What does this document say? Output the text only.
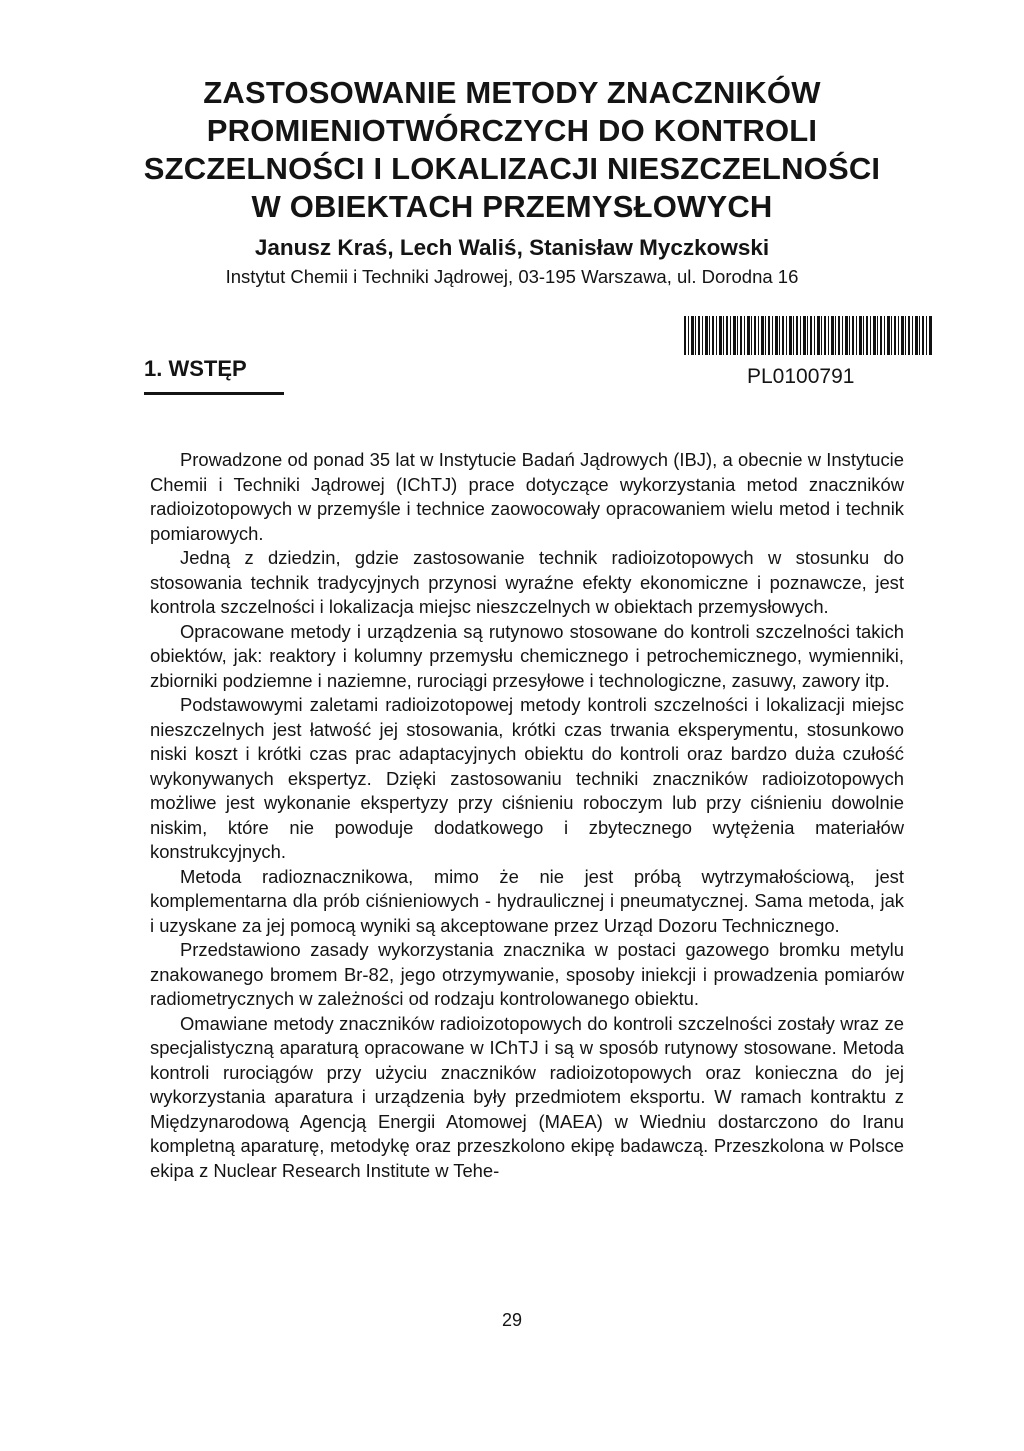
ZASTOSOWANIE METODY ZNACZNIKÓW
PROMIENIOTWÓRCZYCH DO KONTROLI
SZCZELNOŚCI I LOKALIZACJI NIESZCZELNOŚCI
W OBIEKTACH PRZEMYSŁOWYCH
Janusz Kraś, Lech Waliś, Stanisław Myczkowski
Instytut Chemii i Techniki Jądrowej, 03-195 Warszawa, ul. Dorodna 16
PL0100791
1. WSTĘP

Prowadzone od ponad 35 lat w Instytucie Badań Jądrowych (IBJ), a obecnie w Instytucie Chemii i Techniki Jądrowej (IChTJ) prace dotyczące wykorzystania metod znaczników radioizotopowych w przemyśle i technice zaowocowały opracowaniem wielu metod i technik pomiarowych.

Jedną z dziedzin, gdzie zastosowanie technik radioizotopowych w stosunku do stosowania technik tradycyjnych przynosi wyraźne efekty ekonomiczne i poznawcze, jest kontrola szczelności i lokalizacja miejsc nieszczelnych w obiektach przemysłowych.

Opracowane metody i urządzenia są rutynowo stosowane do kontroli szczelności takich obiektów, jak: reaktory i kolumny przemysłu chemicznego i petrochemicznego, wymienniki, zbiorniki podziemne i naziemne, rurociągi przesyłowe i technologiczne, zasuwy, zawory itp.

Podstawowymi zaletami radioizotopowej metody kontroli szczelności i lokalizacji miejsc nieszczelnych jest łatwość jej stosowania, krótki czas trwania eksperymentu, stosunkowo niski koszt i krótki czas prac adaptacyjnych obiektu do kontroli oraz bardzo duża czułość wykonywanych ekspertyz. Dzięki zastosowaniu techniki znaczników radioizotopowych możliwe jest wykonanie ekspertyzy przy ciśnieniu roboczym lub przy ciśnieniu dowolnie niskim, które nie powoduje dodatkowego i zbytecznego wytężenia materiałów konstrukcyjnych.

Metoda radioznacznikowa, mimo że nie jest próbą wytrzymałościową, jest komplementarna dla prób ciśnieniowych - hydraulicznej i pneumatycznej. Sama metoda, jak i uzyskane za jej pomocą wyniki są akceptowane przez Urząd Dozoru Technicznego.

Przedstawiono zasady wykorzystania znacznika w postaci gazowego bromku metylu znakowanego bromem Br-82, jego otrzymywanie, sposoby iniekcji i prowadzenia pomiarów radiometrycznych w zależności od rodzaju kontrolowanego obiektu.

Omawiane metody znaczników radioizotopowych do kontroli szczelności zostały wraz ze specjalistyczną aparaturą opracowane w IChTJ i są w sposób rutynowy stosowane. Metoda kontroli rurociągów przy użyciu znaczników radioizotopowych oraz konieczna do jej wykorzystania aparatura i urządzenia były przedmiotem eksportu. W ramach kontraktu z Międzynarodową Agencją Energii Atomowej (MAEA) w Wiedniu dostarczono do Iranu kompletną aparaturę, metodykę oraz przeszkolono ekipę badawczą. Przeszkolona w Polsce ekipa z Nuclear Research Institute w Tehe-

29
